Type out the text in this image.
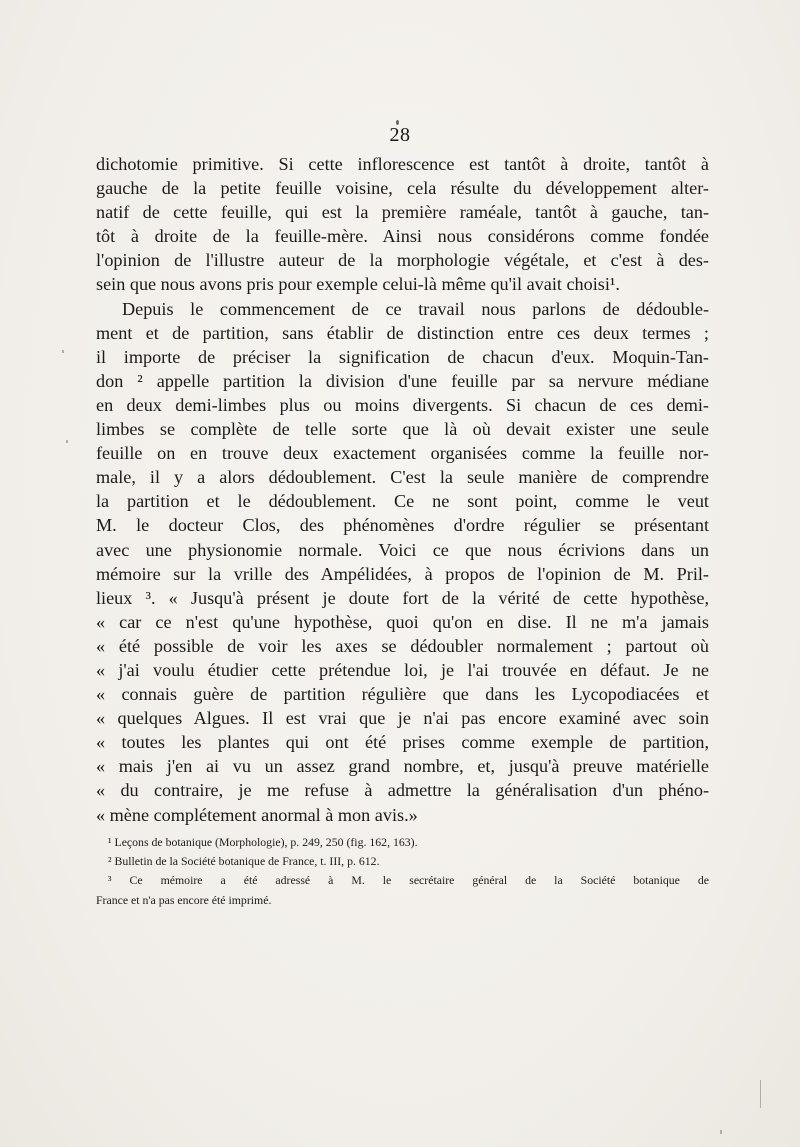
28
dichotomie primitive. Si cette inflorescence est tantôt à droite, tantôt à
gauche de la petite feuille voisine, cela résulte du développement alter-
natif de cette feuille, qui est la première raméale, tantôt à gauche, tan-
tôt à droite de la feuille-mère. Ainsi nous considérons comme fondée
l'opinion de l'illustre auteur de la morphologie végétale, et c'est à des-
sein que nous avons pris pour exemple celui-là même qu'il avait choisi¹.
Depuis le commencement de ce travail nous parlons de dédouble-
ment et de partition, sans établir de distinction entre ces deux termes ;
il importe de préciser la signification de chacun d'eux. Moquin-Tan-
don ² appelle partition la division d'une feuille par sa nervure médiane
en deux demi-limbes plus ou moins divergents. Si chacun de ces demi-
limbes se complète de telle sorte que là où devait exister une seule
feuille on en trouve deux exactement organisées comme la feuille nor-
male, il y a alors dédoublement. C'est la seule manière de comprendre
la partition et le dédoublement. Ce ne sont point, comme le veut
M. le docteur Clos, des phénomènes d'ordre régulier se présentant
avec une physionomie normale. Voici ce que nous écrivions dans un
mémoire sur la vrille des Ampélidées, à propos de l'opinion de M. Pril-
lieux ³. « Jusqu'à présent je doute fort de la vérité de cette hypothèse,
« car ce n'est qu'une hypothèse, quoi qu'on en dise. Il ne m'a jamais
« été possible de voir les axes se dédoubler normalement ; partout où
« j'ai voulu étudier cette prétendue loi, je l'ai trouvée en défaut. Je ne
« connais guère de partition régulière que dans les Lycopodiacées et
« quelques Algues. Il est vrai que je n'ai pas encore examiné avec soin
« toutes les plantes qui ont été prises comme exemple de partition,
« mais j'en ai vu un assez grand nombre, et, jusqu'à preuve matérielle
« du contraire, je me refuse à admettre la généralisation d'un phéno-
« mène complétement anormal à mon avis.»
¹ Leçons de botanique (Morphologie), p. 249, 250 (fig. 162, 163).
² Bulletin de la Société botanique de France, t. III, p. 612.
³ Ce mémoire a été adressé à M. le secrétaire général de la Société botanique de
France et n'a pas encore été imprimé.
